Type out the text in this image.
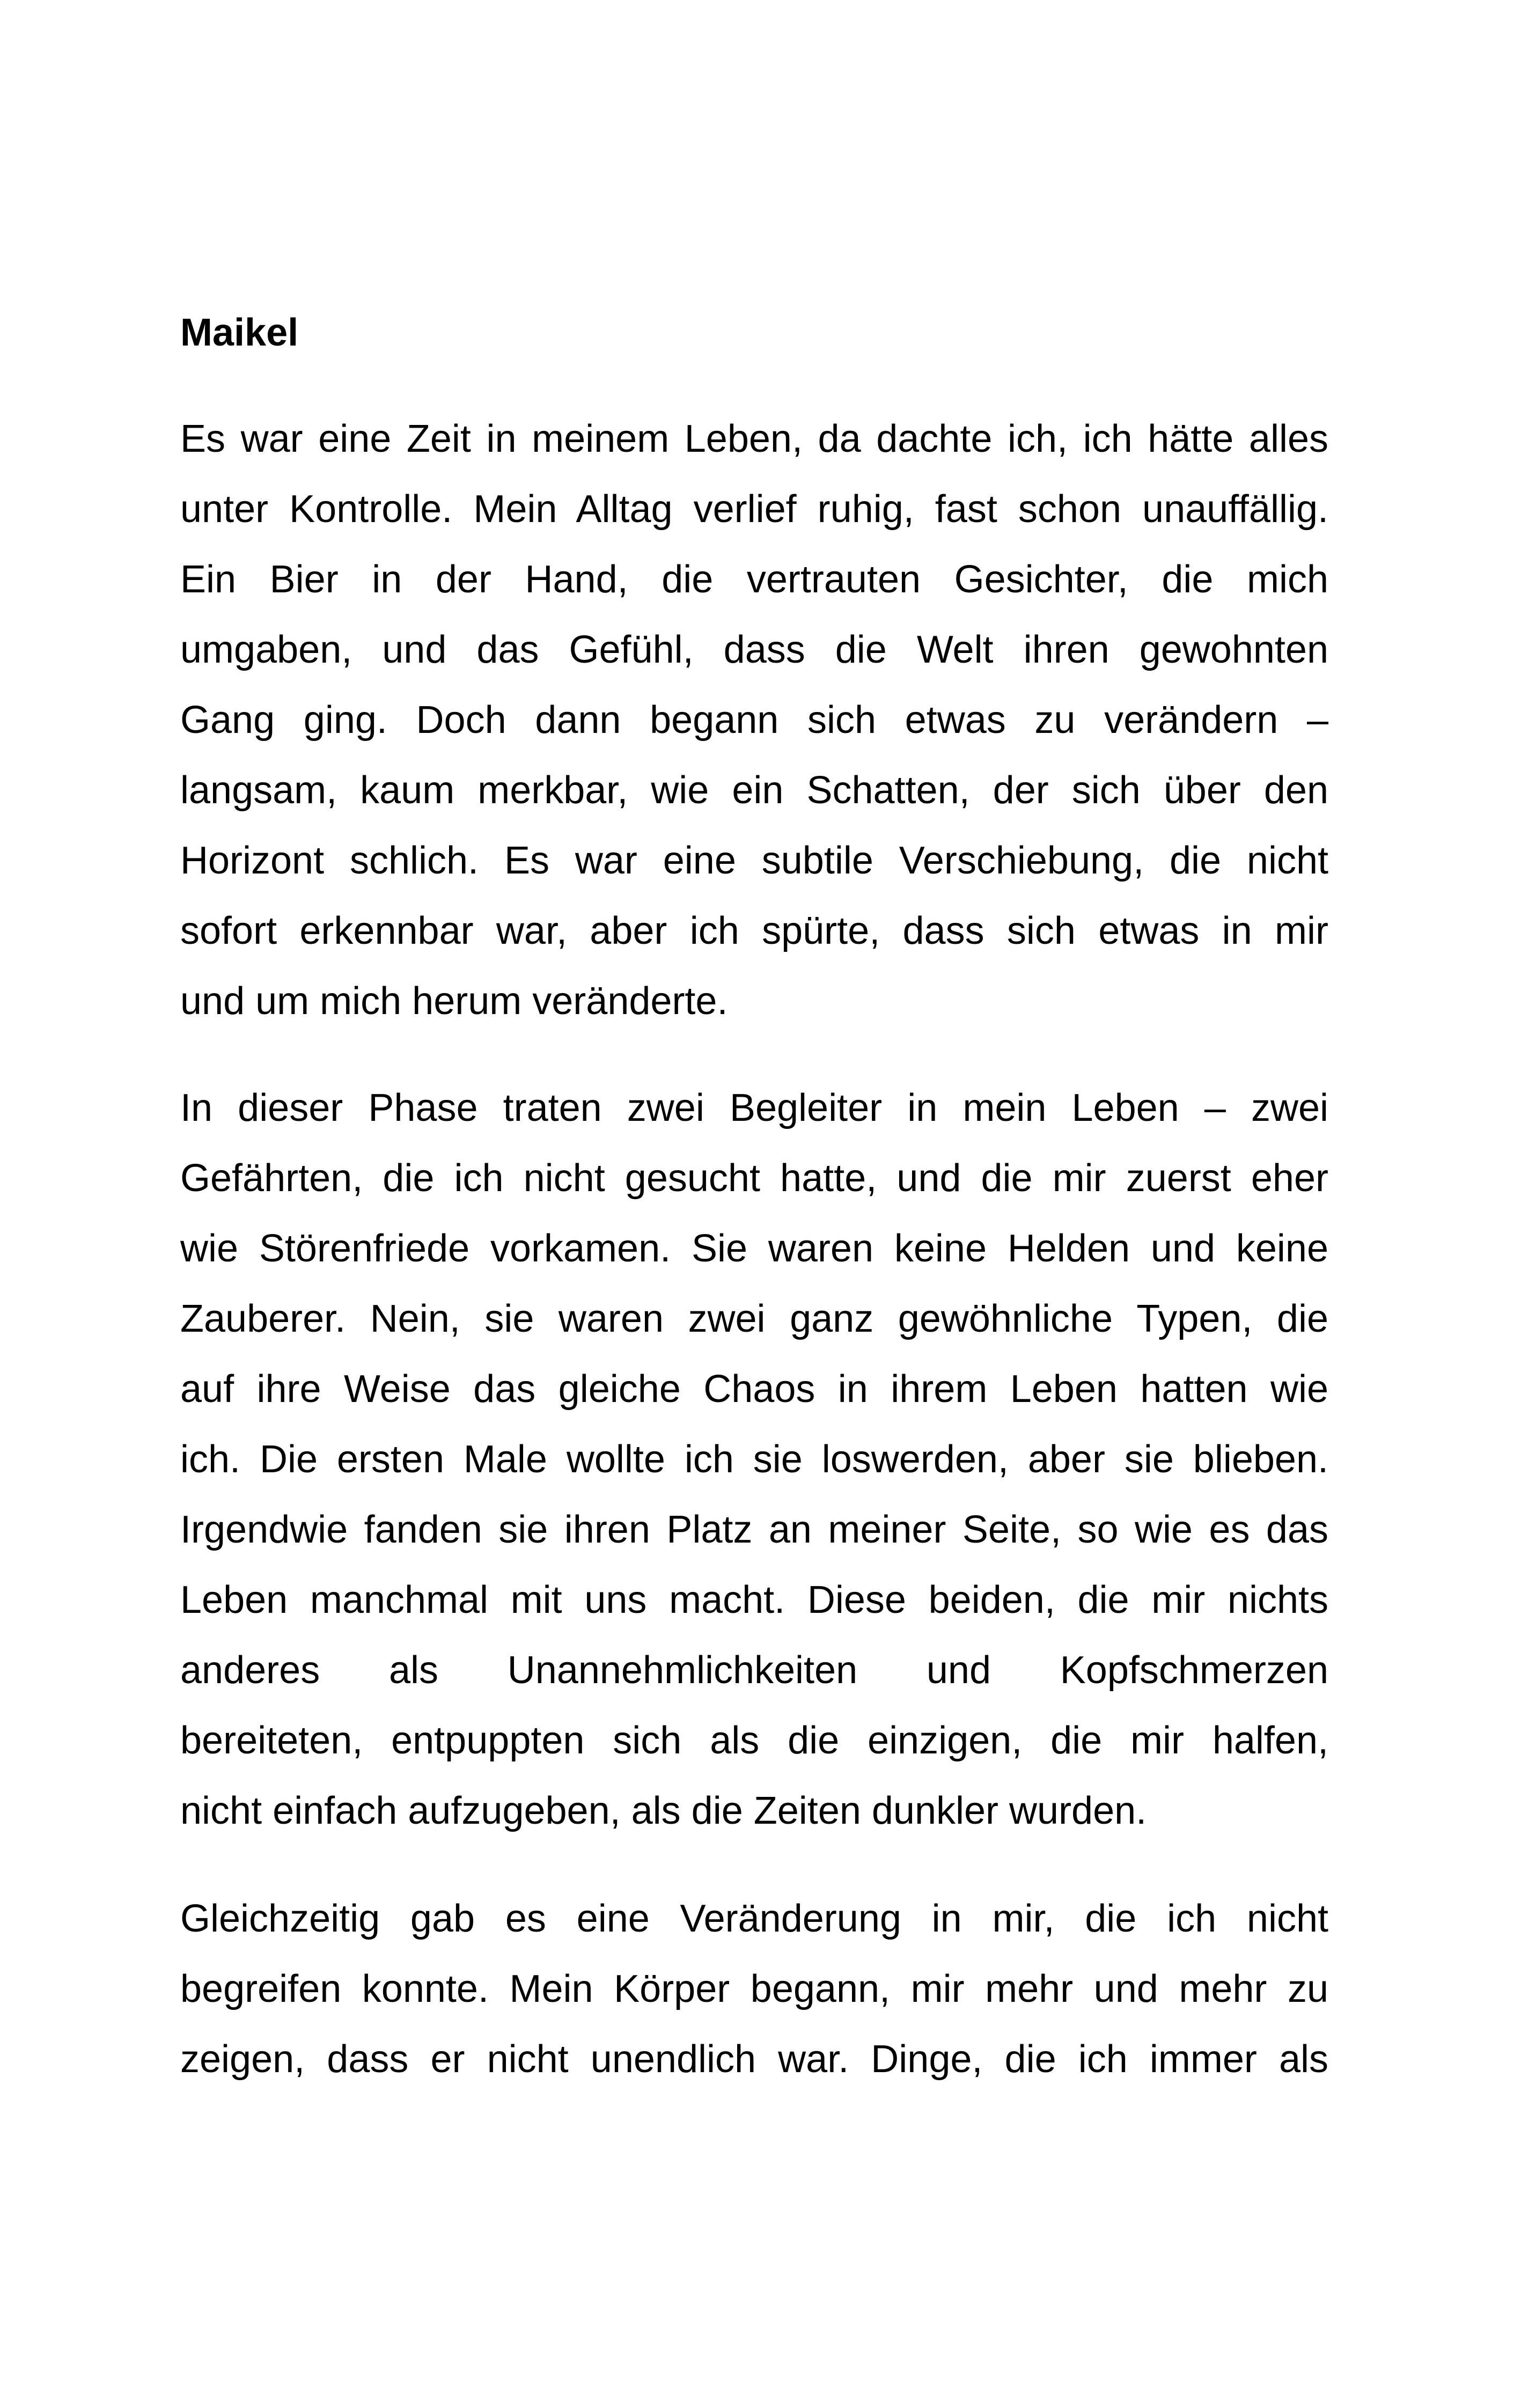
Maikel
Es war eine Zeit in meinem Leben, da dachte ich, ich hätte alles
unter Kontrolle. Mein Alltag verlief ruhig, fast schon unauffällig.
Ein Bier in der Hand, die vertrauten Gesichter, die mich
umgaben, und das Gefühl, dass die Welt ihren gewohnten
Gang ging. Doch dann begann sich etwas zu verändern –
langsam, kaum merkbar, wie ein Schatten, der sich über den
Horizont schlich. Es war eine subtile Verschiebung, die nicht
sofort erkennbar war, aber ich spürte, dass sich etwas in mir
und um mich herum veränderte.
In dieser Phase traten zwei Begleiter in mein Leben – zwei
Gefährten, die ich nicht gesucht hatte, und die mir zuerst eher
wie Störenfriede vorkamen. Sie waren keine Helden und keine
Zauberer. Nein, sie waren zwei ganz gewöhnliche Typen, die
auf ihre Weise das gleiche Chaos in ihrem Leben hatten wie
ich. Die ersten Male wollte ich sie loswerden, aber sie blieben.
Irgendwie fanden sie ihren Platz an meiner Seite, so wie es das
Leben manchmal mit uns macht. Diese beiden, die mir nichts
anderes als Unannehmlichkeiten und Kopfschmerzen
bereiteten, entpuppten sich als die einzigen, die mir halfen,
nicht einfach aufzugeben, als die Zeiten dunkler wurden.
Gleichzeitig gab es eine Veränderung in mir, die ich nicht
begreifen konnte. Mein Körper begann, mir mehr und mehr zu
zeigen, dass er nicht unendlich war. Dinge, die ich immer als
